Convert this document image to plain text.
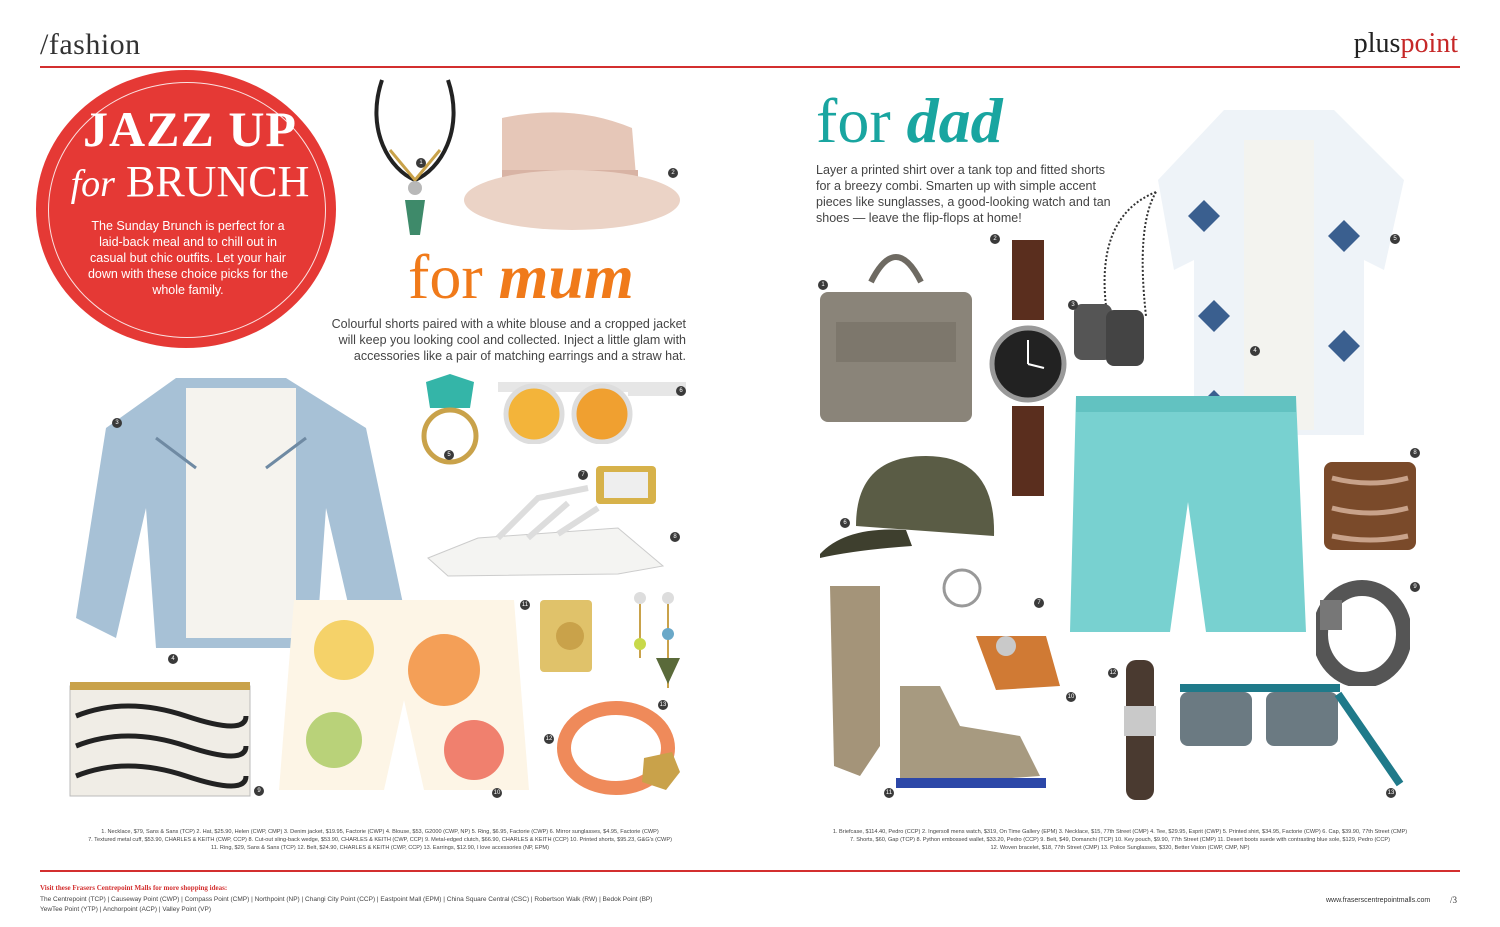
/fashion	pluspoint
JAZZ UP
for BRUNCH
The Sunday Brunch is perfect for a laid-back meal and to chill out in casual but chic outfits. Let your hair down with these choice picks for the whole family.	for mum
Colourful shorts paired with a white blouse and a cropped jacket will keep you looking cool and collected. Inject a little glam with accessories like a pair of matching earrings and a straw hat.
for dad
Layer a printed shirt over a tank top and fitted shorts for a breezy combi. Smarten up with simple accent pieces like sunglasses, a good-looking watch and tan shoes — leave the flip-flops at home!
1
2
3
4
5
6
7
8
9	10
11
12
13
1
2
3
4
5
6
7
8
9
10
11
12
13
1. Necklace, $79, Sans & Sans (TCP) 2. Hat, $25.90, Helen (CWP, CMP) 3. Denim jacket, $19.95, Factorie (CWP) 4. Blouse, $53, G2000 (CWP, NP) 5. Ring, $6.95, Factorie (CWP) 6. Mirror sunglasses, $4.95, Factorie (CWP)
7. Textured metal cuff, $53.90, CHARLES & KEITH (CWP, CCP) 8. Cut-out sling-back wedge, $53.90, CHARLES & KEITH (CWP, CCP) 9. Metal-edged clutch, $66.90, CHARLES & KEITH (CCP) 10. Printed shorts, $95.23, G&G's (CWP)
11. Ring, $29, Sans & Sans (TCP) 12. Belt, $24.90, CHARLES & KEITH (CWP, CCP) 13. Earrings, $12.90, I love accessories (NP, EPM)
1. Briefcase, $114.40, Pedro (CCP) 2. Ingersoll mens watch, $319, On Time Gallery (EPM) 3. Necklace, $15, 77th Street (CMP) 4. Tee, $29.95, Esprit (CWP) 5. Printed shirt, $34.95, Factorie (CWP) 6. Cap, $39.90, 77th Street (CMP)
7. Shorts, $60, Gap (TCP) 8. Python embossed wallet, $33.20, Pedro (CCP) 9. Belt, $49, Domanchi (TCP) 10. Key pouch, $9.90, 77th Street (CMP) 11. Desert boots suede with contrasting blue sole, $129, Pedro (CCP)
12. Woven bracelet, $18, 77th Street (CMP) 13. Police Sunglasses, $320, Better Vision (CWP, CMP, NP)
Visit these Frasers Centrepoint Malls for more shopping ideas:
The Centrepoint (TCP) | Causeway Point (CWP) | Compass Point (CMP) | Northpoint (NP) | Changi City Point (CCP) | Eastpoint Mall (EPM) | China Square Central (CSC) | Robertson Walk (RW) | Bedok Point (BP)
YewTee Point (YTP) | Anchorpoint (ACP) | Valley Point (VP)
www.fraserscentrepointmalls.com /3
